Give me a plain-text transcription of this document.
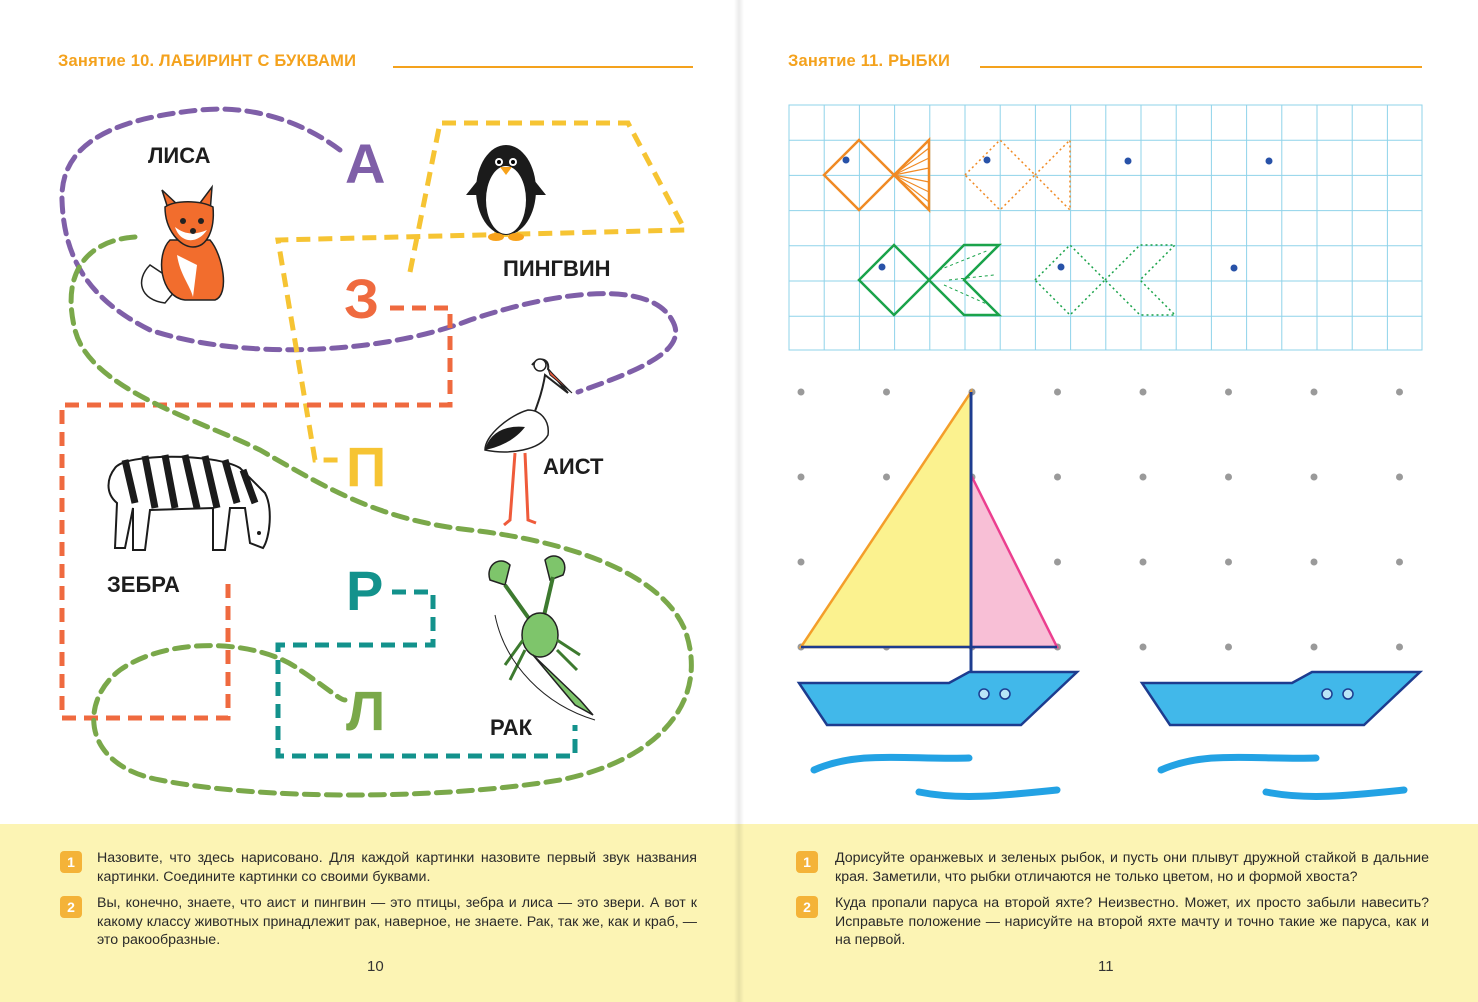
Занятие 10. ЛАБИРИНТ С БУКВАМИ
ЛИСА
ПИНГВИН
АИСТ
ЗЕБРА
РАК
А
З
П
Р
Л
1	Назовите, что здесь нарисовано. Для каждой картинки назовите первый звук названия картинки. Соедините картинки со своими буквами.
2	Вы, конечно, знаете, что аист и пингвин — это птицы, зебра и лиса — это звери. А вот к какому классу животных принадлежит рак, наверное, не знаете. Рак, так же, как и краб, — это ракообразные.
10
Занятие 11. РЫБКИ
1	Дорисуйте оранжевых и зеленых рыбок, и пусть они плывут дружной стайкой в дальние края. Заметили, что рыбки отличаются не только цветом, но и формой хвоста?
2	Куда пропали паруса на второй яхте? Неизвестно. Может, их просто забыли навесить? Исправьте положение — нарисуйте на второй яхте мачту и точно такие же паруса, как и на первой.
11
